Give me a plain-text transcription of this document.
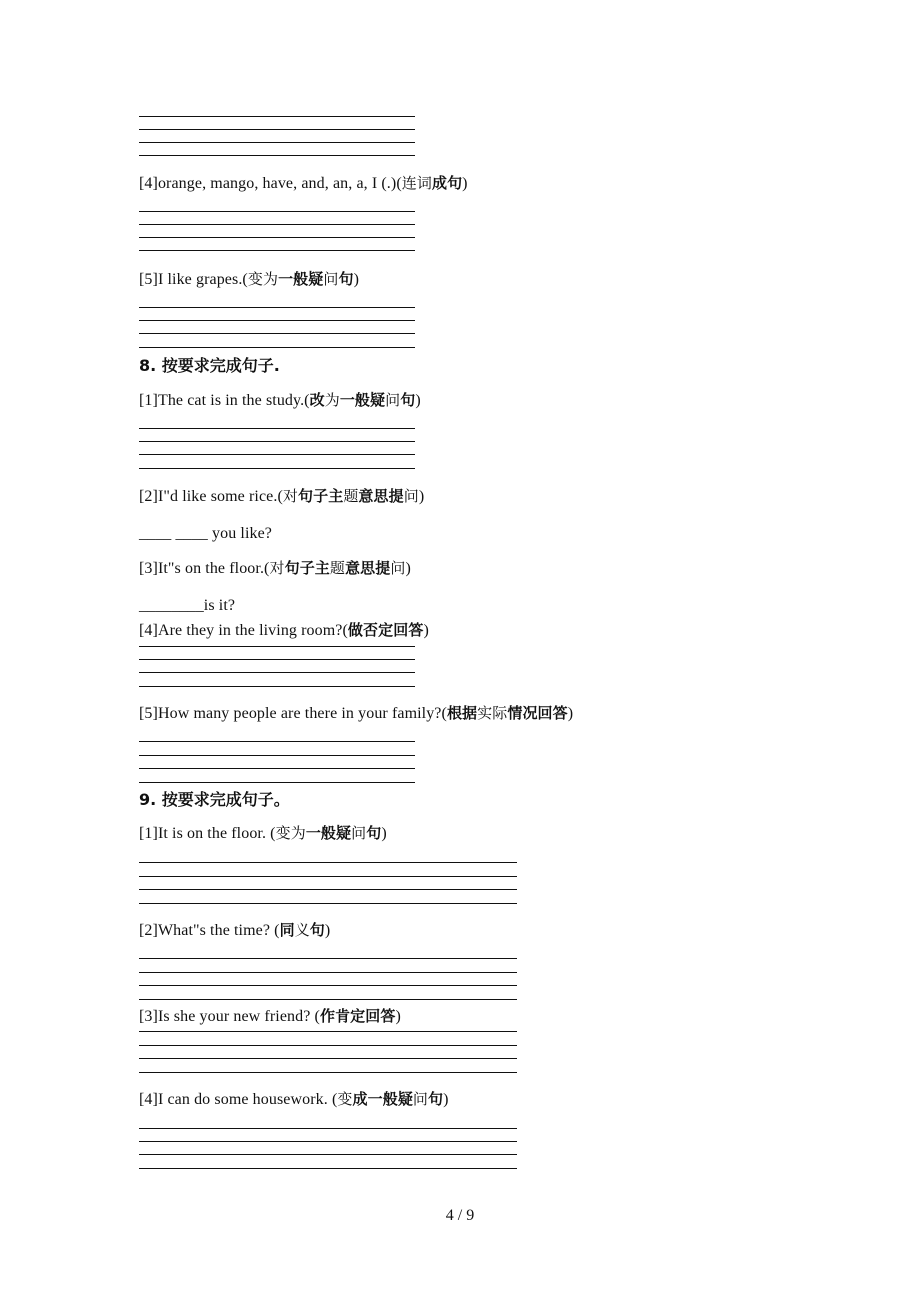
[4]orange, mango, have, and, an, a, I (.)(连词成句)
[5]I like grapes.(变为一般疑问句)
8. 按要求完成句子.
[1]The cat is in the study.(改为一般疑问句)
[2]I"d like some rice.(对句子主题意思提问)
____ ____ you like?
[3]It"s on the floor.(对句子主题意思提问)
________is it?
[4]Are they in the living room?(做否定回答)
[5]How many people are there in your family?(根据实际情况回答)
9. 按要求完成句子。
[1]It is on the floor. (变为一般疑问句)
[2]What"s the time? (同义句)
[3]Is she your new friend? (作肯定回答)
[4]I can do some housework. (变成一般疑问句)
4 / 9
